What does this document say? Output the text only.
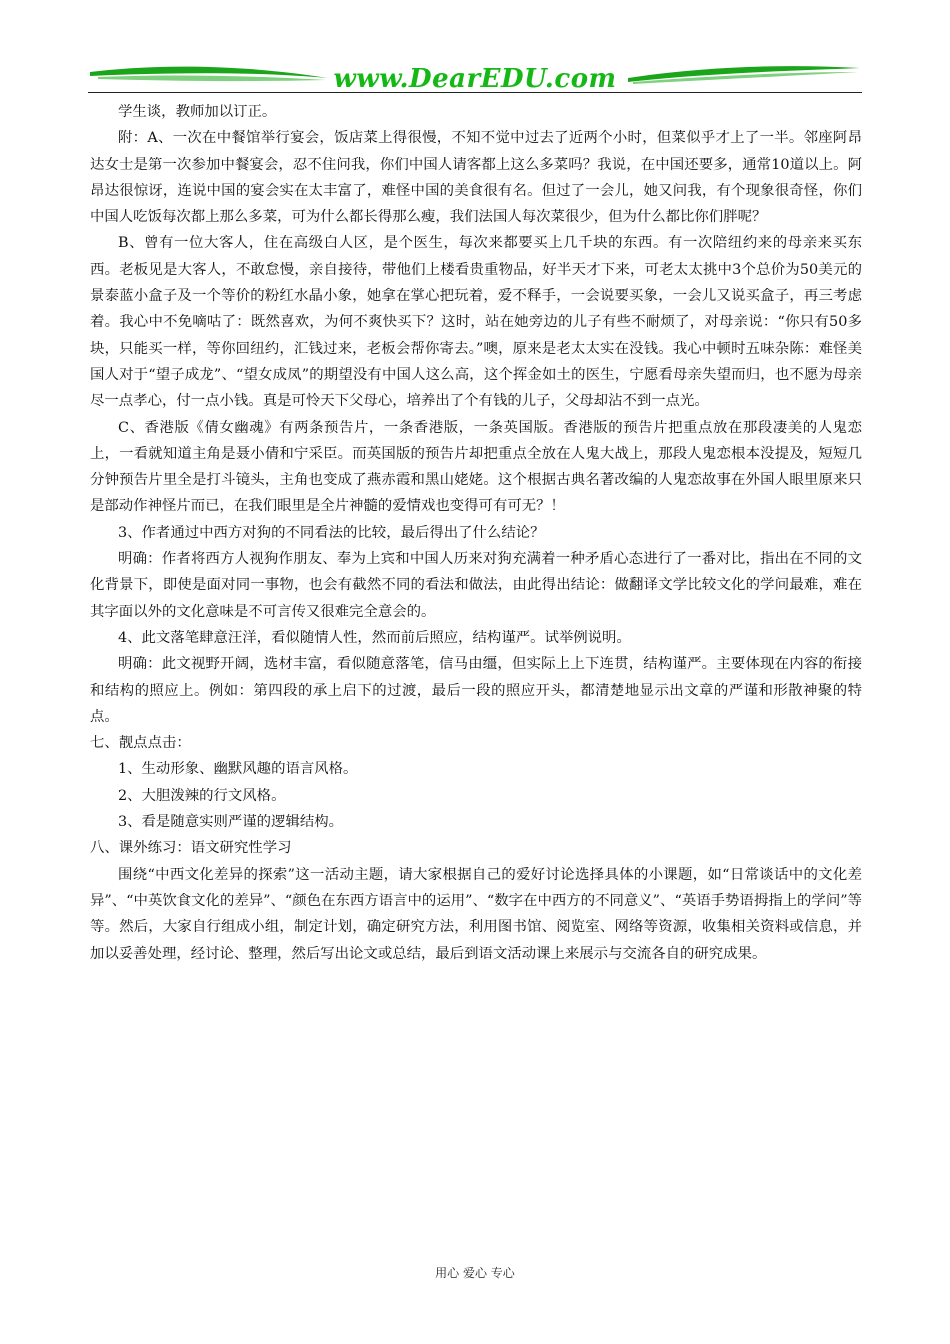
www.DearEDU.com

学生谈，教师加以订正。

附：A、一次在中餐馆举行宴会，饭店菜上得很慢，不知不觉中过去了近两个小时，但菜似乎才上了一半。邻座阿昂达女士是第一次参加中餐宴会，忍不住问我，你们中国人请客都上这么多菜吗？我说，在中国还要多，通常10道以上。阿昂达很惊讶，连说中国的宴会实在太丰富了，难怪中国的美食很有名。但过了一会儿，她又问我，有个现象很奇怪，你们中国人吃饭每次都上那么多菜，可为什么都长得那么瘦，我们法国人每次菜很少，但为什么都比你们胖呢？

B、曾有一位大客人，住在高级白人区，是个医生，每次来都要买上几千块的东西。有一次陪纽约来的母亲来买东西。老板见是大客人，不敢怠慢，亲自接待，带他们上楼看贵重物品，好半天才下来，可老太太挑中3个总价为50美元的景泰蓝小盒子及一个等价的粉红水晶小象，她拿在掌心把玩着，爱不释手，一会说要买象，一会儿又说买盒子，再三考虑着。我心中不免嘀咕了：既然喜欢，为何不爽快买下？这时，站在她旁边的儿子有些不耐烦了，对母亲说：“你只有50多块，只能买一样，等你回纽约，汇钱过来，老板会帮你寄去。”噢，原来是老太太实在没钱。我心中顿时五味杂陈：难怪美国人对于“望子成龙”、“望女成凤”的期望没有中国人这么高，这个挥金如土的医生，宁愿看母亲失望而归，也不愿为母亲尽一点孝心，付一点小钱。真是可怜天下父母心，培养出了个有钱的儿子，父母却沾不到一点光。

C、香港版《倩女幽魂》有两条预告片，一条香港版，一条英国版。香港版的预告片把重点放在那段凄美的人鬼恋上，一看就知道主角是聂小倩和宁采臣。而英国版的预告片却把重点全放在人鬼大战上，那段人鬼恋根本没提及，短短几分钟预告片里全是打斗镜头，主角也变成了燕赤霞和黑山姥姥。这个根据古典名著改编的人鬼恋故事在外国人眼里原来只是部动作神怪片而已，在我们眼里是全片神髓的爱情戏也变得可有可无？！

3、作者通过中西方对狗的不同看法的比较，最后得出了什么结论？

明确：作者将西方人视狗作朋友、奉为上宾和中国人历来对狗充满着一种矛盾心态进行了一番对比，指出在不同的文化背景下，即使是面对同一事物，也会有截然不同的看法和做法，由此得出结论：做翻译文学比较文化的学问最难，难在其字面以外的文化意味是不可言传又很难完全意会的。

4、此文落笔肆意汪洋，看似随情人性，然而前后照应，结构谨严。试举例说明。

明确：此文视野开阔，选材丰富，看似随意落笔，信马由缰，但实际上上下连贯，结构谨严。主要体现在内容的衔接和结构的照应上。例如：第四段的承上启下的过渡，最后一段的照应开头，都清楚地显示出文章的严谨和形散神聚的特点。

七、靓点点击：

1、生动形象、幽默风趣的语言风格。

2、大胆泼辣的行文风格。

3、看是随意实则严谨的逻辑结构。

八、课外练习：语文研究性学习

围绕“中西文化差异的探索”这一活动主题，请大家根据自己的爱好讨论选择具体的小课题，如“日常谈话中的文化差异”、“中英饮食文化的差异”、“颜色在东西方语言中的运用”、“数字在中西方的不同意义”、“英语手势语拇指上的学问”等等。然后，大家自行组成小组，制定计划，确定研究方法，利用图书馆、阅览室、网络等资源，收集相关资料或信息，并加以妥善处理，经讨论、整理，然后写出论文或总结，最后到语文活动课上来展示与交流各自的研究成果。

用心 爱心 专心
